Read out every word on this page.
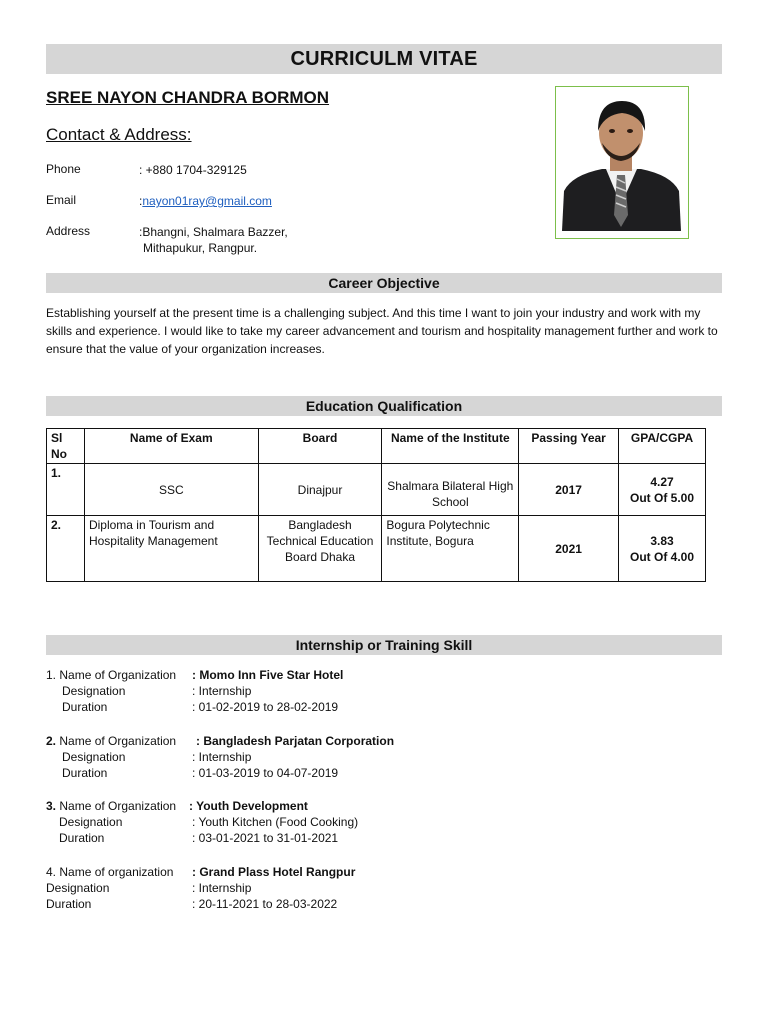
CURRICULM VITAE
SREE NAYON CHANDRA BORMON
Contact & Address:
Phone	: +880 1704-329125
Email	:nayon01ray@gmail.com
Address	:Bhangni, Shalmara Bazzer,
Mithapukur, Rangpur.
Career Objective
Establishing yourself at the present time is a challenging subject. And this time I want to join your industry and work with my skills and experience. I would like to take my career advancement and tourism and hospitality management further and work to ensure that the value of your organization increases.
Education Qualification
Sl No	Name of Exam	Board	Name of the Institute	Passing Year	GPA/CGPA
1.	SSC	Dinajpur	Shalmara Bilateral High School	2017	4.27
Out Of 5.00

2.	Diploma in Tourism and Hospitality Management	Bangladesh Technical Education Board Dhaka	Bogura Polytechnic Institute, Bogura	2021	3.83
Out Of 4.00
Internship or Training Skill
1. Name of Organization : Momo Inn Five Star Hotel
Designation	: Internship
Duration	: 01-02-2019 to 28-02-2019
2. Name of Organization : Bangladesh Parjatan Corporation
Designation	: Internship
Duration	: 01-03-2019 to 04-07-2019
3. Name of Organization : Youth Development
Designation	: Youth Kitchen (Food Cooking)
Duration	: 03-01-2021 to 31-01-2021
4. Name of organization : Grand Plass Hotel Rangpur
Designation	: Internship
Duration	: 20-11-2021 to 28-03-2022
